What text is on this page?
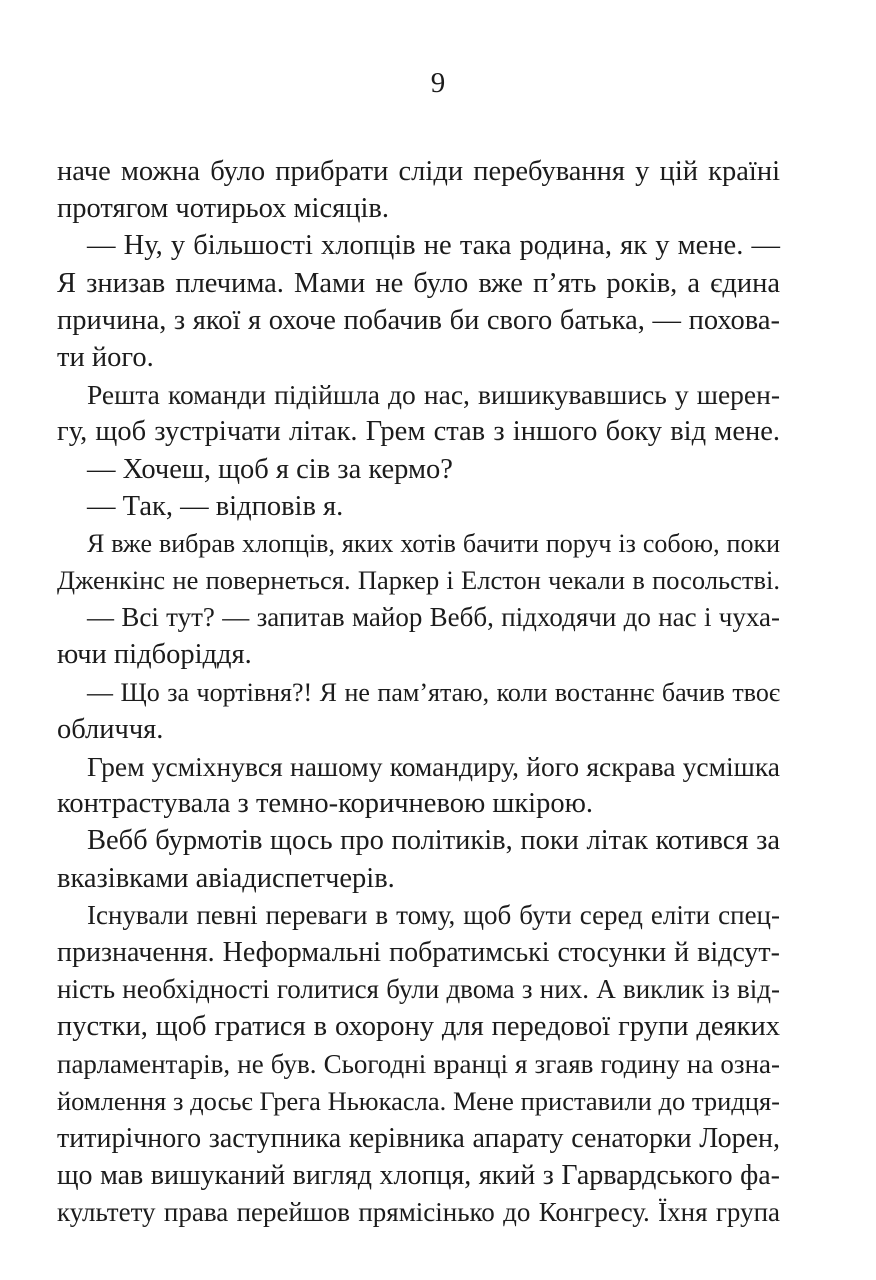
9
наче можна було прибрати сліди перебування у цій країні
протягом чотирьох місяців.
— Ну, у більшості хлопців не така родина, як у мене. —
Я знизав плечима. Мами не було вже п’ять років, а єдина
причина, з якої я охоче побачив би свого батька, — похова-
ти його.
Решта команди підійшла до нас, вишикувавшись у шерен-
гу, щоб зустрічати літак. Грем став з іншого боку від мене.
— Хочеш, щоб я сів за кермо?
— Так, — відповів я.
Я вже вибрав хлопців, яких хотів бачити поруч із собою, поки
Дженкінс не повернеться. Паркер і Елстон чекали в посольстві.
— Всі тут? — запитав майор Вебб, підходячи до нас і чуха-
ючи підборіддя.
— Що за чортівня?! Я не пам’ятаю, коли востаннє бачив твоє
обличчя.
Грем усміхнувся нашому командиру, його яскрава усмішка
контрастувала з темно-коричневою шкірою.
Вебб бурмотів щось про політиків, поки літак котився за
вказівками авіадиспетчерів.
Існували певні переваги в тому, щоб бути серед еліти спец-
призначення. Неформальні побратимські стосунки й відсут-
ність необхідності голитися були двома з них. А виклик із від-
пустки, щоб гратися в охорону для передової групи деяких
парламентарів, не був. Сьогодні вранці я згаяв годину на озна-
йомлення з досьє Грега Ньюкасла. Мене приставили до тридця-
титирічного заступника керівника апарату сенаторки Лорен,
що мав вишуканий вигляд хлопця, який з Гарвардського фа-
культету права перейшов прямісінько до Конгресу. Їхня група
